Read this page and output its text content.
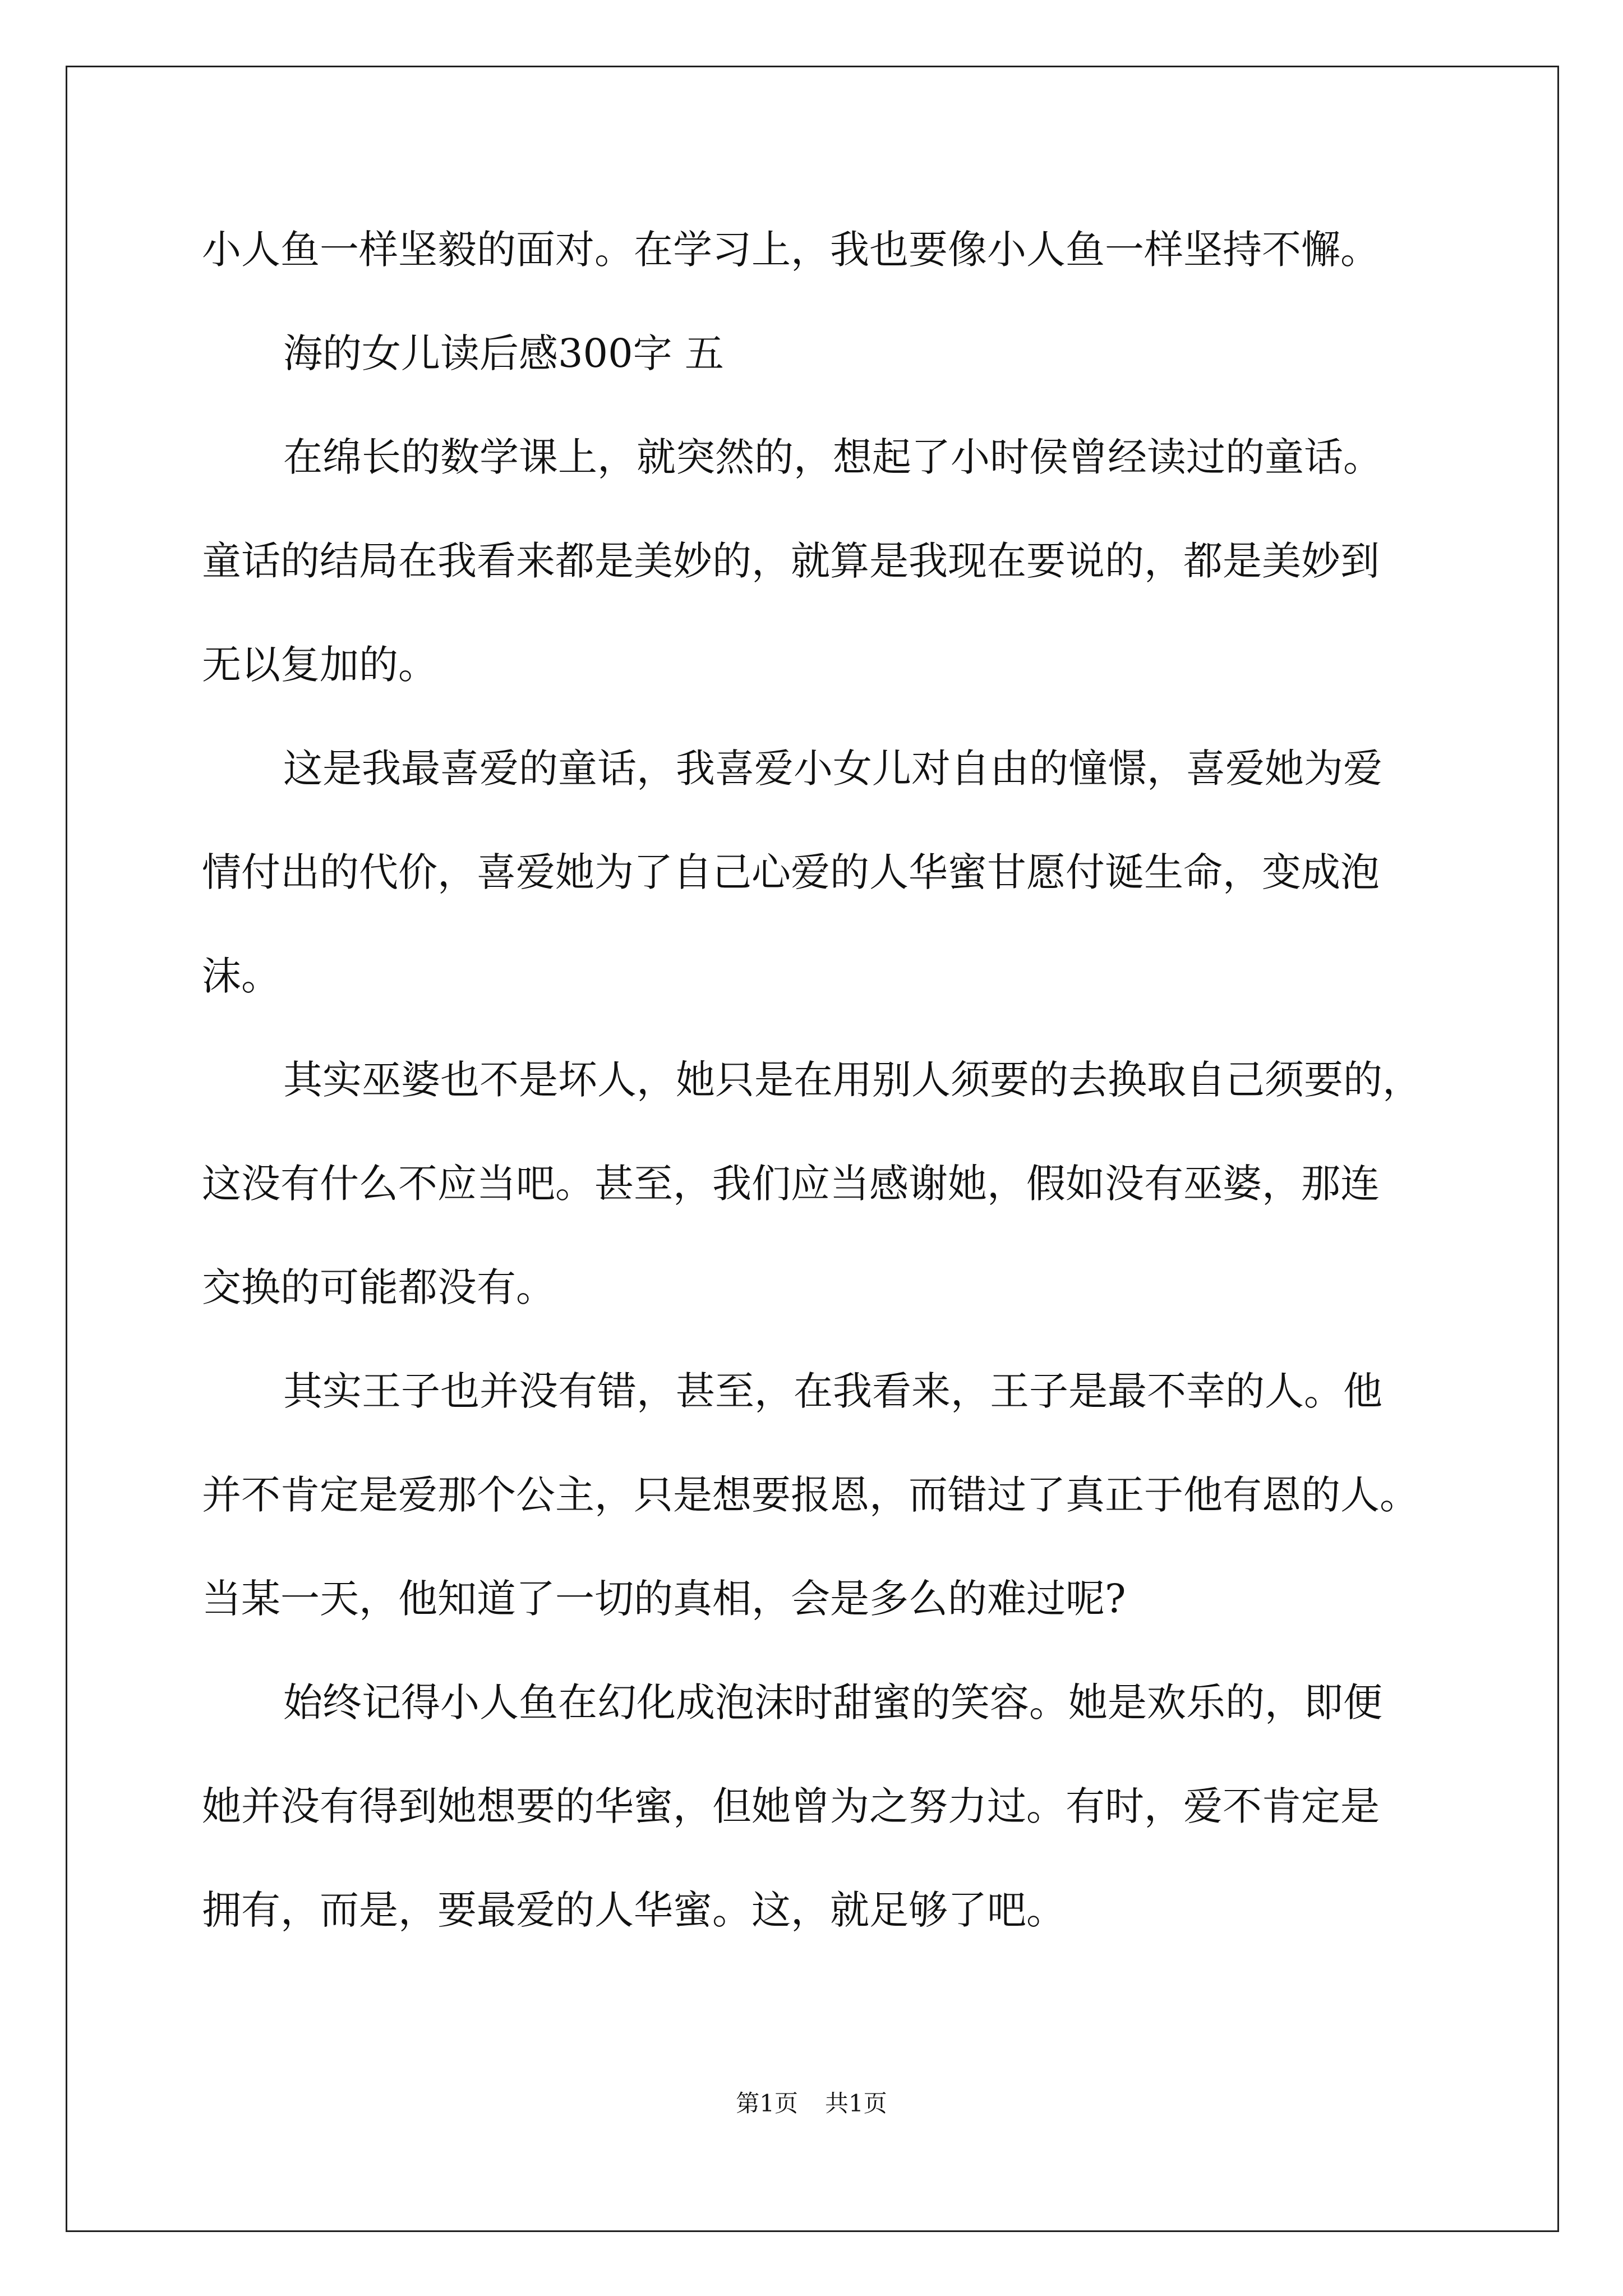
小人鱼一样坚毅的面对。在学习上，我也要像小人鱼一样坚持不懈。
海的女儿读后感300字 五
在绵长的数学课上，就突然的，想起了小时侯曾经读过的童话。
童话的结局在我看来都是美妙的，就算是我现在要说的，都是美妙到
无以复加的。
这是我最喜爱的童话，我喜爱小女儿对自由的憧憬，喜爱她为爱
情付出的代价，喜爱她为了自己心爱的人华蜜甘愿付诞生命，变成泡
沫。
其实巫婆也不是坏人，她只是在用别人须要的去换取自己须要的，
这没有什么不应当吧。甚至，我们应当感谢她，假如没有巫婆，那连
交换的可能都没有。
其实王子也并没有错，甚至，在我看来，王子是最不幸的人。他
并不肯定是爱那个公主，只是想要报恩，而错过了真正于他有恩的人。
当某一天，他知道了一切的真相，会是多么的难过呢?
始终记得小人鱼在幻化成泡沫时甜蜜的笑容。她是欢乐的，即便
她并没有得到她想要的华蜜，但她曾为之努力过。有时，爱不肯定是
拥有，而是，要最爱的人华蜜。这，就足够了吧。
第1页 共1页
